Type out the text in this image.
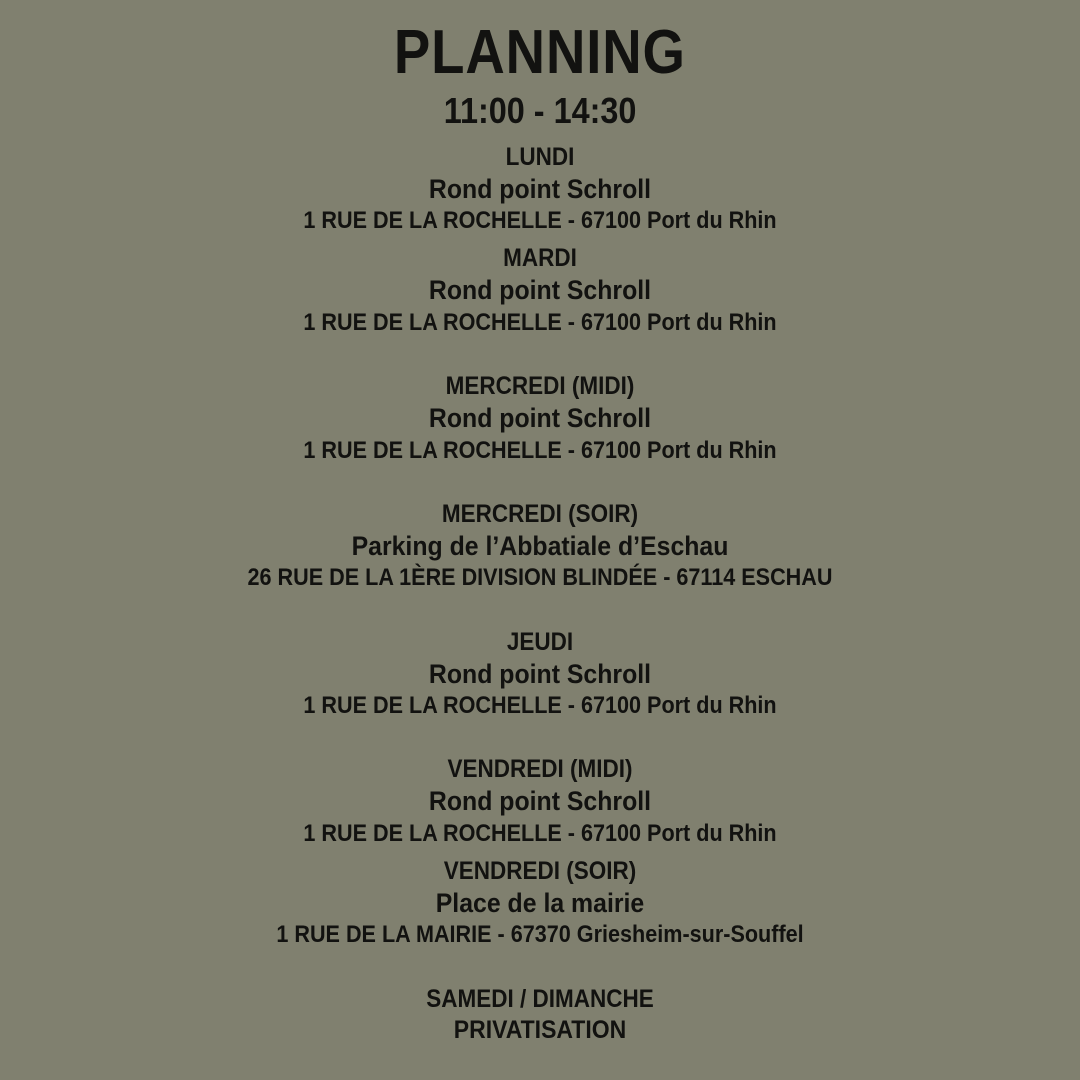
PLANNING
11:00 - 14:30
LUNDI
Rond point Schroll
1 RUE DE LA ROCHELLE - 67100 Port du Rhin
MARDI
Rond point Schroll
1 RUE DE LA ROCHELLE - 67100 Port du Rhin
MERCREDI (MIDI)
Rond point Schroll
1 RUE DE LA ROCHELLE - 67100 Port du Rhin
MERCREDI (SOIR)
Parking de l’Abbatiale d’Eschau
26 RUE DE LA 1ÈRE DIVISION BLINDÉE - 67114 ESCHAU
JEUDI
Rond point Schroll
1 RUE DE LA ROCHELLE - 67100 Port du Rhin
VENDREDI (MIDI)
Rond point Schroll
1 RUE DE LA ROCHELLE - 67100 Port du Rhin
VENDREDI (SOIR)
Place de la mairie
1 RUE DE LA MAIRIE - 67370 Griesheim-sur-Souffel
SAMEDI / DIMANCHE
PRIVATISATION
